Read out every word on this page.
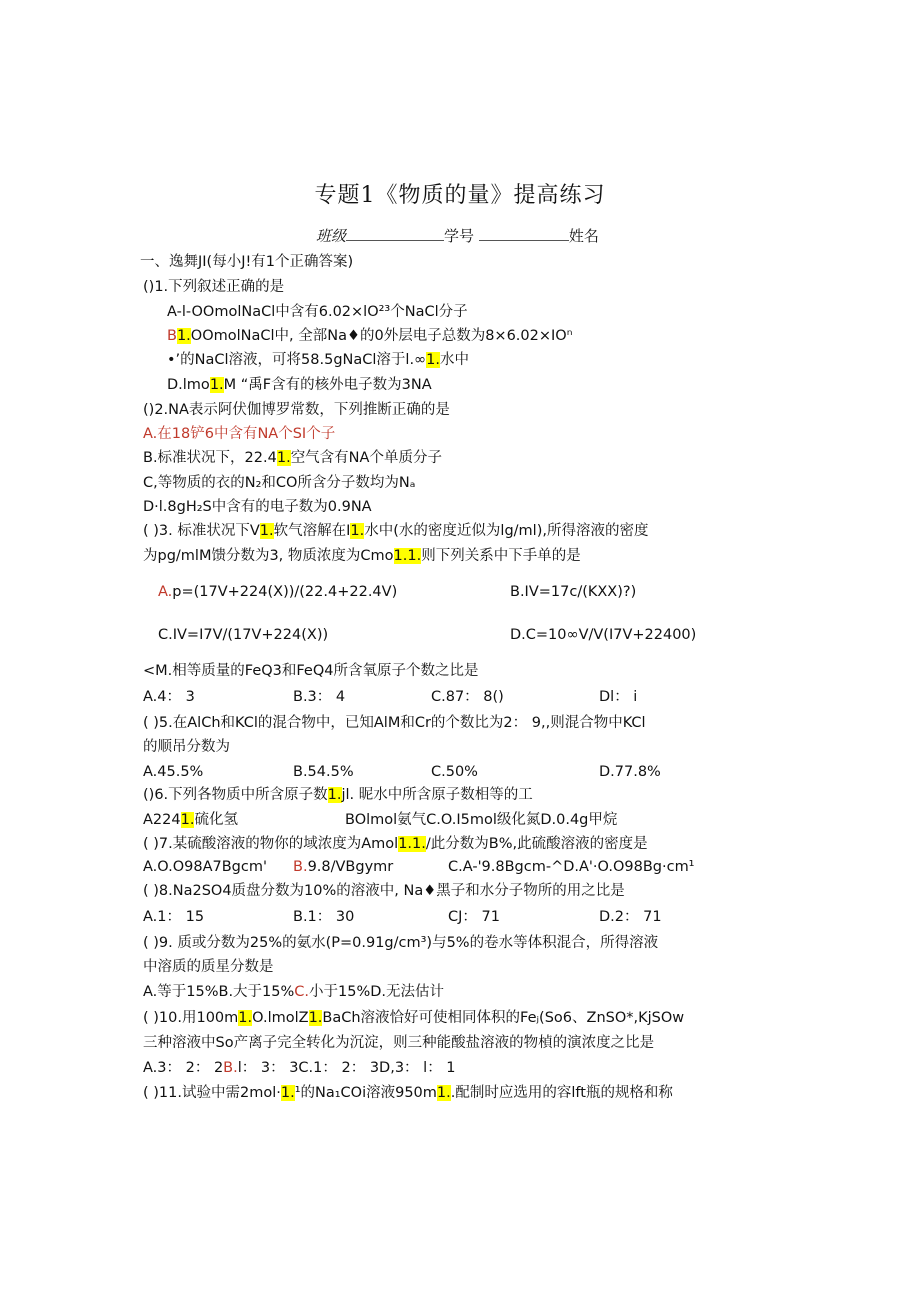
专题1《物质的量》提高练习
班级	学号	姓名
一、逸舞JI(每小J!有1个正确答案)
()1.下列叙述正确的是
A-l-OOmolNaCl中含有6.02×lO²³个NaCl分子
B1.OOmolNaCl中, 全部Na♦的0外层电子总数为8×6.02×IOⁿ
•’的NaCl溶液，可将58.5gNaCl溶于l.∞1.水中
D.lmo1.M “禹F含有的核外电子数为3NA
()2.NA表示阿伏伽博罗常数，下列推断正确的是
A.在18铲6中含有NA个SI个子
B.标准状况下，22.41.空气含有NA个单质分子
C,等物质的衣的N₂和CO所含分子数均为Nₐ
D·l.8gH₂S中含有的电子数为0.9NA
( )3. 标准状况下V1.软气溶解在I1.水中(水的密度近似为lg∕ml),所得溶液的密度
为pg/mlM馈分数为3, 物质浓度为Cmo1.1.则下列关系中下手单的是
A.p=(17V+224(X))/(22.4+22.4V)	B.IV=17c∕(KXX)?)
C.IV=I7V∕(17V+224(X))	D.C=10∞V∕V(I7V+22400)
<M.相等质量的FeQ3和FeQ4所含氧原子个数之比是
A.4： 3	B.3： 4	C.87： 8()	Dl： i
( )5.在AlCh和KCl的混合物中，已知AlM和Cr的个数比为2： 9,,则混合物中KCl
的顺吊分数为
A.45.5%	B.54.5%	C.50%	D.77.8%
()6.下列各物质中所含原子数1.jl. 昵水中所含原子数相等的工
A2241.硫化氢	BOlmol氨气C.O.I5mol级化氮D.0.4g甲烷
( )7.某硫酸溶液的物你的域浓度为Amol1.1./此分数为B%,此硫酸溶液的密度是
A.O.O98A7Bgcm' B.9.8/VBgymr	C.A-'9.8Bgcm-^D.A'·O.O98Bg·cm¹
( )8.Na2SO4质盘分数为10%的溶液中, Na♦黑子和水分子物所的用之比是
A.1： 15	B.1： 30	CJ： 71	D.2： 71
( )9. 质或分数为25%的氨水(P=0.91g∕cm³)与5%的卷水等体积混合，所得溶液
中溶质的质星分数是
A.等于15%B.大于15%C.小于15%D.无法估计
( )10.用100m1.O.lmolZ1.BaCh溶液恰好可使相同体积的Feⱼ(So6、ZnSO*,KjSOw
三种溶液中So产离子完全转化为沉淀，则三种能酸盐溶液的物楨的演浓度之比是
A.3： 2： 2B.l： 3： 3C.1： 2： 3D,3： l： 1
( )11.试验中需2mol·1.¹的Na₁COi溶液950m1..配制时应选用的容lft瓶的规格和称
